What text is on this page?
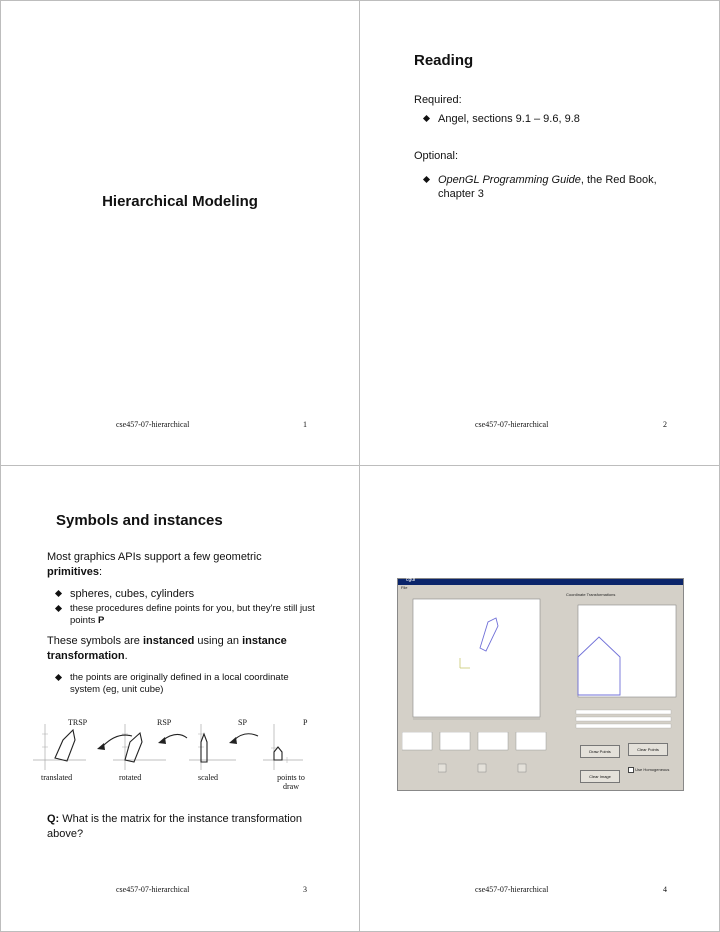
Hierarchical Modeling
cse457-07-hierarchical	1
Reading
Required:
Angel, sections 9.1 – 9.6, 9.8
Optional:
OpenGL Programming Guide, the Red Book, chapter 3
cse457-07-hierarchical	2
Symbols and instances
Most graphics APIs support a few geometric primitives:
spheres, cubes, cylinders
these procedures define points for you, but they're still just points P
These symbols are instanced using an instance transformation.
the points are originally defined in a local coordinate system (eg, unit cube)
TRSP	RSP	SP	P
translated	rotated	scaled	points to draw
Q: What is the matrix for the instance transformation above?
cse457-07-hierarchical	3
cgui
File
Coordinate Transformations
Draw Points	Clear Points
Clear Image
Use Homogeneous
cse457-07-hierarchical	4
